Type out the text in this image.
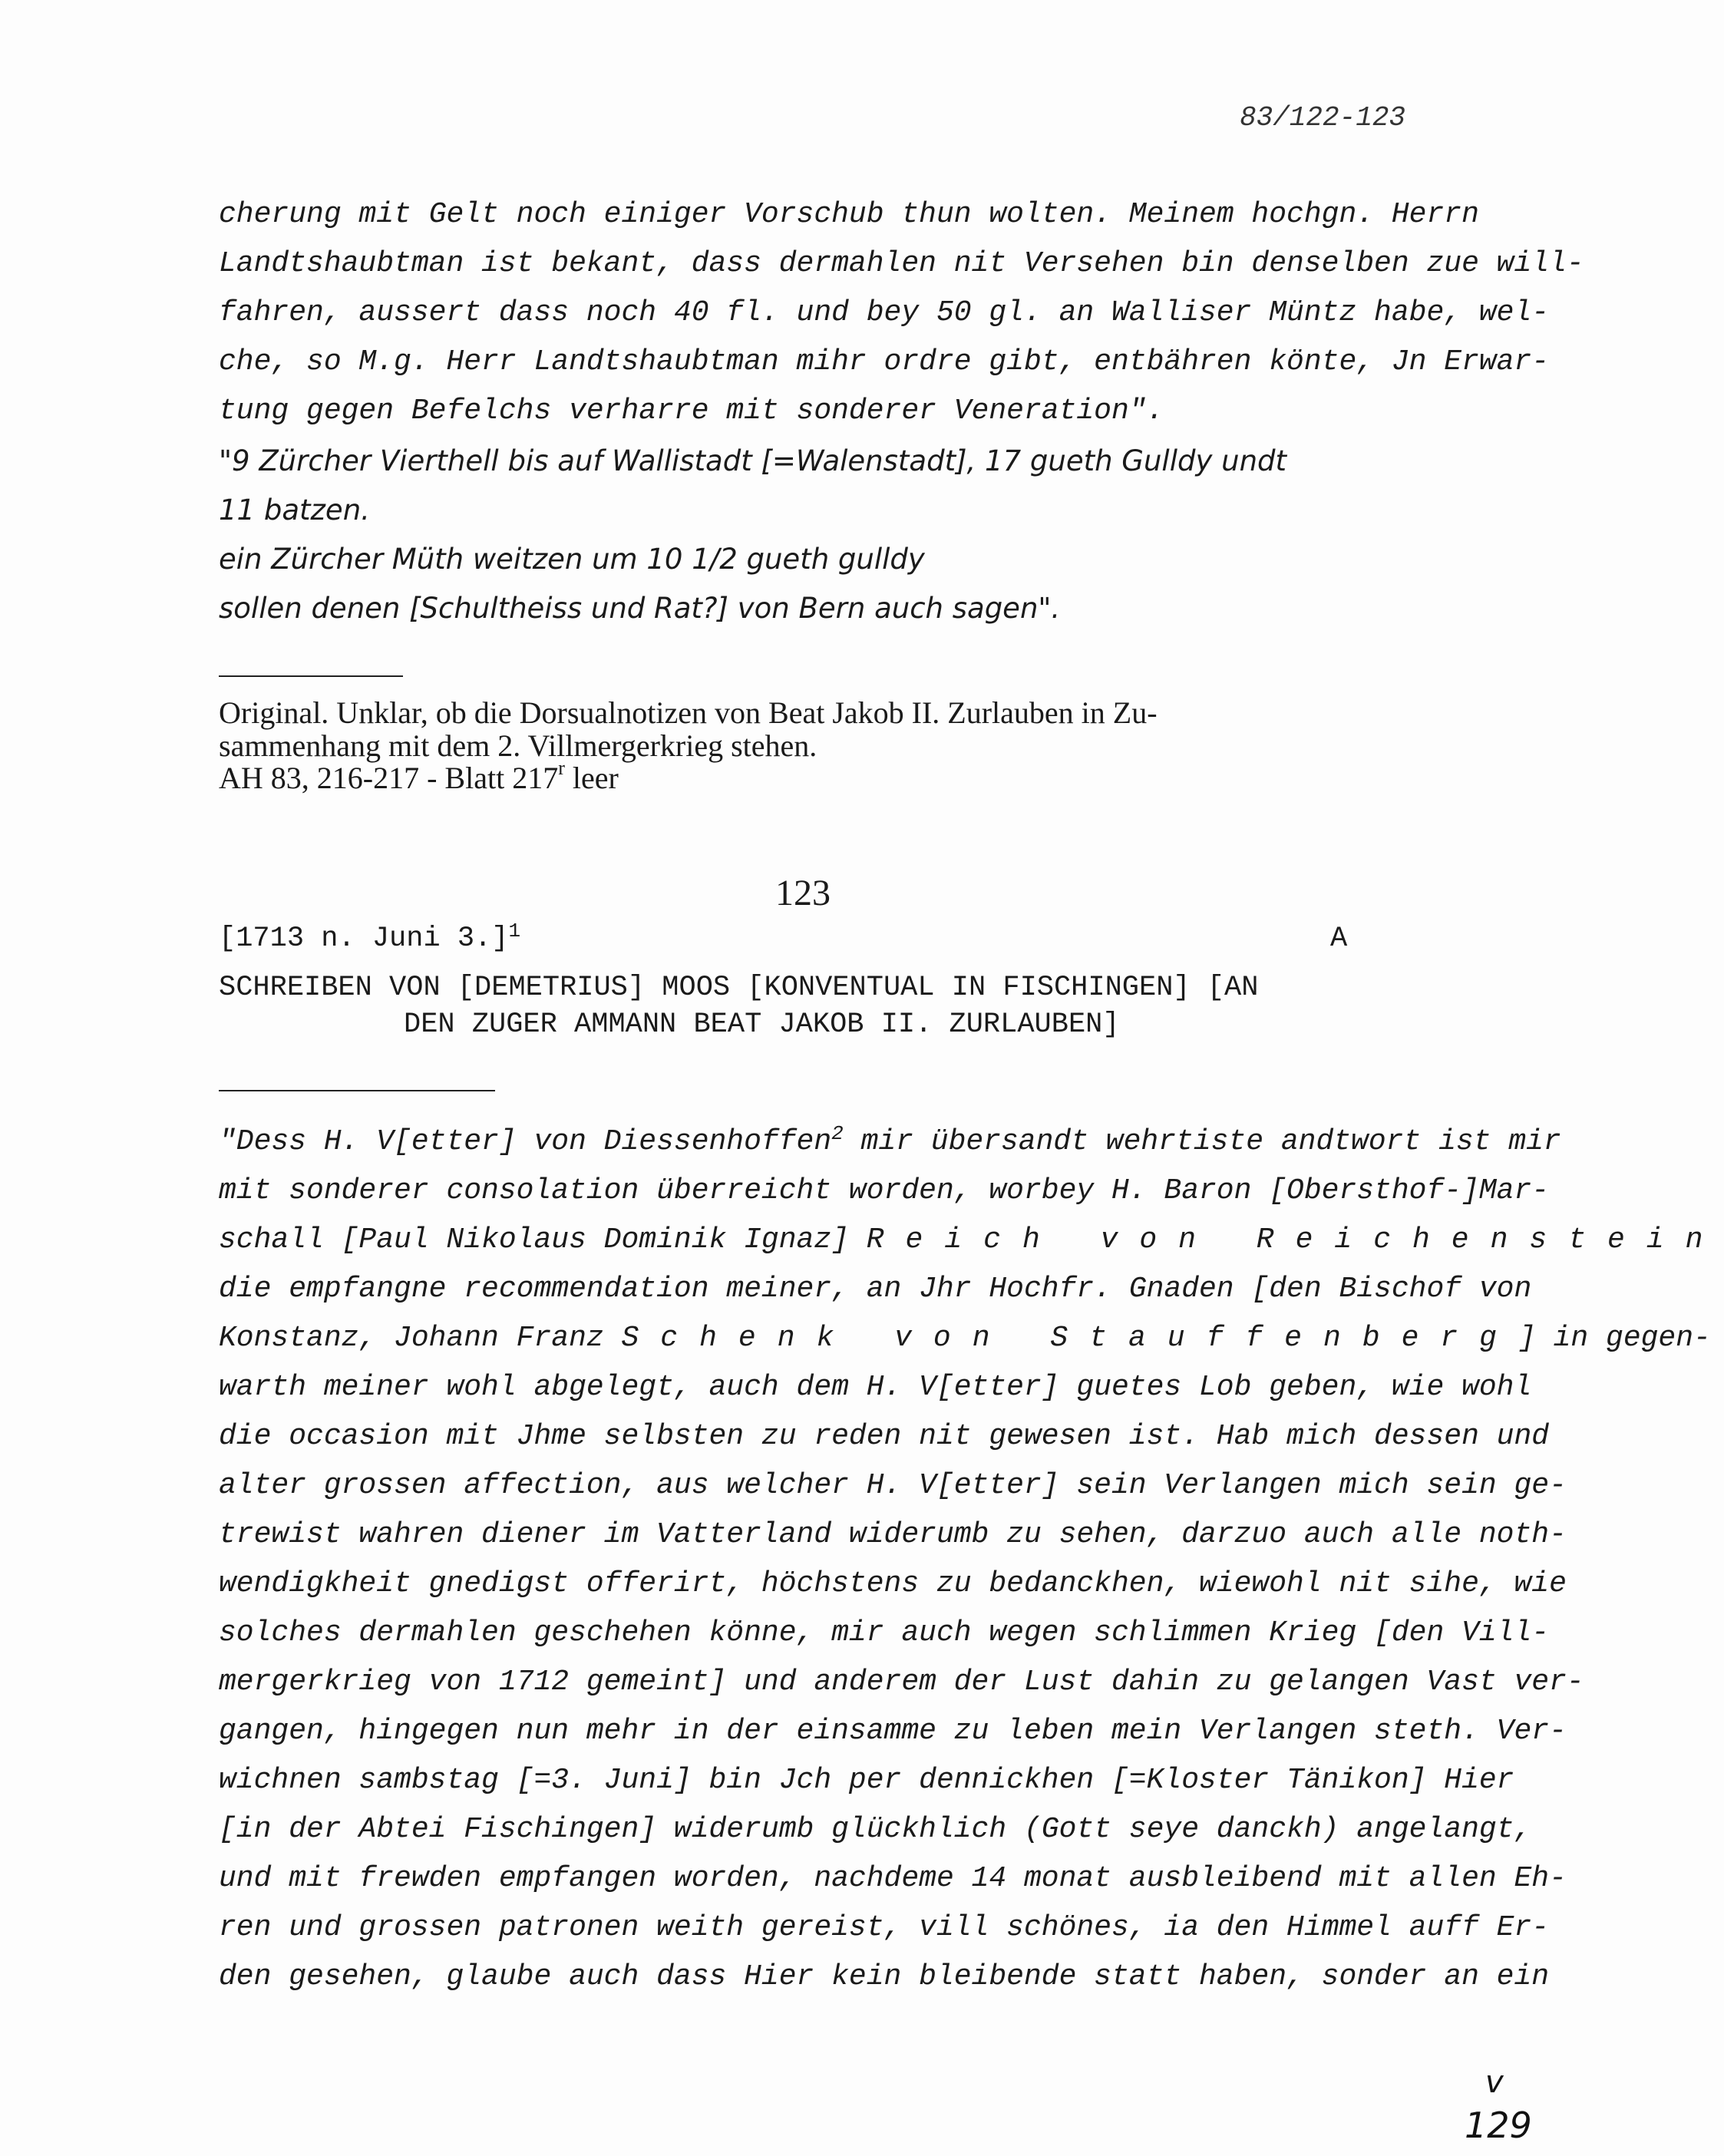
83/122-123

cherung mit Gelt noch einiger Vorschub thun wolten. Meinem hochgn. Herrn

Landtshaubtman ist bekant, dass dermahlen nit Versehen bin denselben zue will-

fahren, aussert dass noch 40 fl. und bey 50 gl. an Walliser Müntz habe, wel-

che, so M.g. Herr Landtshaubtman mihr ordre gibt, entbähren könte, Jn Erwar-

tung gegen Befelchs verharre mit sonderer Veneration".

"9 Zürcher Vierthell bis auf Wallistadt [=Walenstadt], 17 gueth Gulldy undt

11 batzen.

ein Zürcher Müth weitzen um 10 1/2 gueth gulldy

sollen denen [Schultheiss und Rat?] von Bern auch sagen".

Original. Unklar, ob die Dorsualnotizen von Beat Jakob II. Zurlauben in Zu-

sammenhang mit dem 2. Villmergerkrieg stehen.

AH 83, 216-217 - Blatt 217$^r$ leer

123

[1713 n. Juni 3.]$^1$	A

SCHREIBEN VON [DEMETRIUS] MOOS [KONVENTUAL IN FISCHINGEN] [AN

DEN ZUGER AMMANN BEAT JAKOB II. ZURLAUBEN]

"Dess H. V[etter] von Diessenhoffen$^2$ mir übersandt wehrtiste andtwort ist mir

mit sonderer consolation überreicht worden, worbey H. Baron [Obersthof-]Mar-

schall [Paul Nikolaus Dominik Ignaz] Reich von Reichenstein

die empfangne recommendation meiner, an Jhr Hochfr. Gnaden [den Bischof von

Konstanz, Johann Franz Schenk von Stauffenberg] in gegen-

warth meiner wohl abgelegt, auch dem H. V[etter] guetes Lob geben, wie wohl

die occasion mit Jhme selbsten zu reden nit gewesen ist. Hab mich dessen und

alter grossen affection, aus welcher H. V[etter] sein Verlangen mich sein ge-

trewist wahren diener im Vatterland widerumb zu sehen, darzuo auch alle noth-

wendigkheit gnedigst offerirt, höchstens zu bedanckhen, wiewohl nit sihe, wie

solches dermahlen geschehen könne, mir auch wegen schlimmen Krieg [den Vill-

mergerkrieg von 1712 gemeint] und anderem der Lust dahin zu gelangen Vast ver-

gangen, hingegen nun mehr in der einsamme zu leben mein Verlangen steth. Ver-

wichnen sambstag [=3. Juni] bin Jch per dennickhen [=Kloster Tänikon] Hier

[in der Abtei Fischingen] widerumb glückhlich (Gott seye danckh) angelangt,

und mit frewden empfangen worden, nachdeme 14 monat ausbleibend mit allen Eh-

ren und grossen patronen weith gereist, vill schönes, ia den Himmel auff Er-

den gesehen, glaube auch dass Hier kein bleibende statt haben, sonder an ein

v
129
